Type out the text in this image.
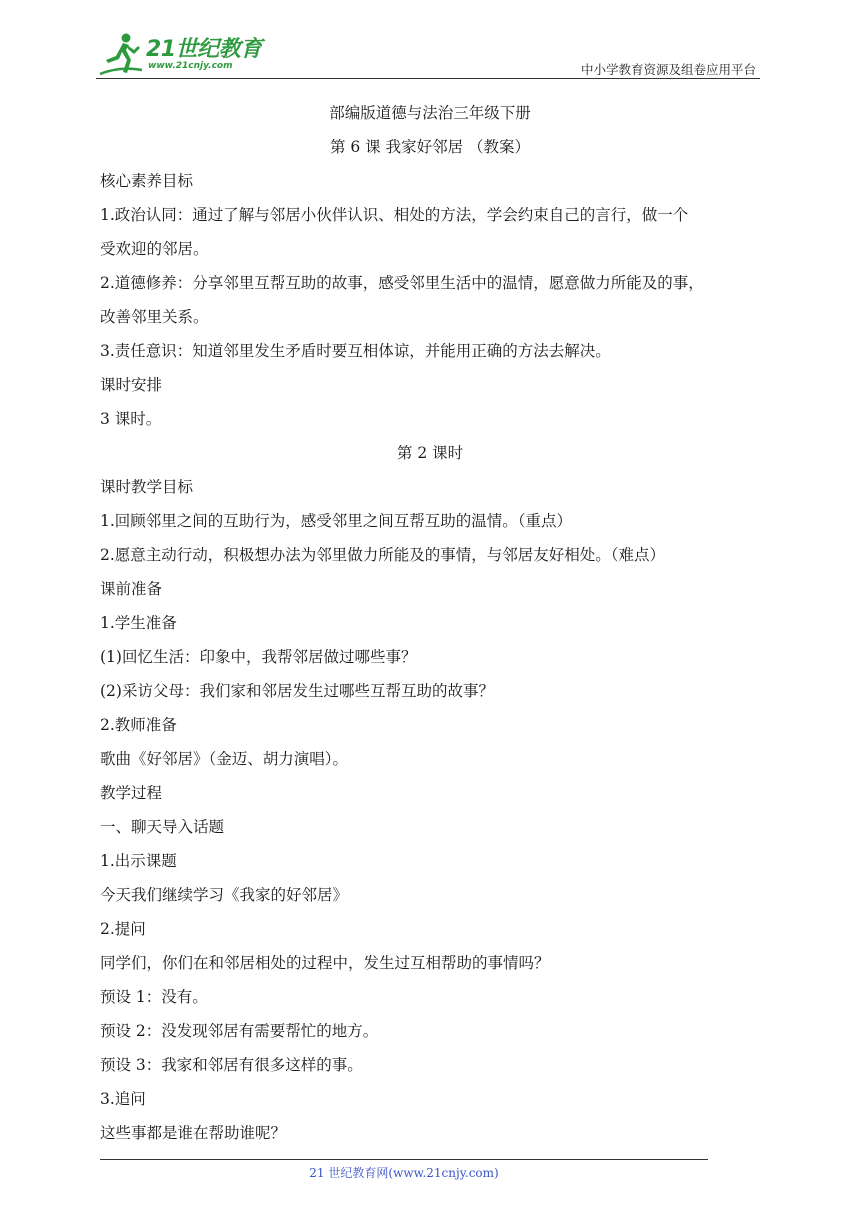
21世纪教育
www.21cnjy.com	中小学教育资源及组卷应用平台
部编版道德与法治三年级下册
第 6 课 我家好邻居 （教案）
核心素养目标
1.政治认同：通过了解与邻居小伙伴认识、相处的方法，学会约束自己的言行，做一个
受欢迎的邻居。
2.道德修养：分享邻里互帮互助的故事，感受邻里生活中的温情，愿意做力所能及的事，
改善邻里关系。
3.责任意识：知道邻里发生矛盾时要互相体谅，并能用正确的方法去解决。
课时安排
3 课时。
第 2 课时
课时教学目标
1.回顾邻里之间的互助行为，感受邻里之间互帮互助的温情。（重点）
2.愿意主动行动，积极想办法为邻里做力所能及的事情，与邻居友好相处。（难点）
课前准备
1.学生准备
(1)回忆生活：印象中，我帮邻居做过哪些事？
(2)采访父母：我们家和邻居发生过哪些互帮互助的故事？
2.教师准备
歌曲《好邻居》（金迈、胡力演唱）。
教学过程
一、聊天导入话题
1.出示课题
今天我们继续学习《我家的好邻居》
2.提问
同学们，你们在和邻居相处的过程中，发生过互相帮助的事情吗？
预设 1：没有。
预设 2：没发现邻居有需要帮忙的地方。
预设 3：我家和邻居有很多这样的事。
3.追问
这些事都是谁在帮助谁呢？
21 世纪教育网(www.21cnjy.com)
